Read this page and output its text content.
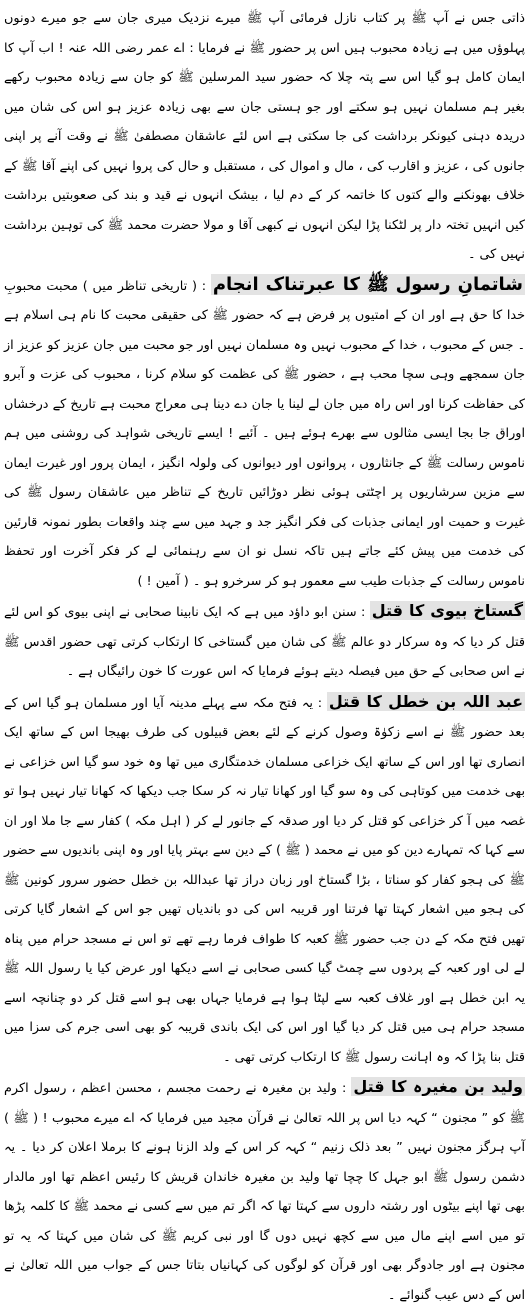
ذاتی جس نے آپ ﷺ پر کتاب نازل فرمائی آپ ﷺ میرے نزدیک میری جان سے جو میرے دونوں پہلوؤں میں ہے زیادہ محبوب ہیں اس پر حضور ﷺ نے فرمایا : اے عمر رضی اللہ عنہ ! اب آپ کا ایمان کامل ہو گیا اس سے پتہ چلا کہ حضور سید المرسلین ﷺ کو جان سے زیادہ محبوب رکھے بغیر ہم مسلمان نہیں ہو سکتے اور جو ہستی جان سے بھی زیادہ عزیز ہو اس کی شان میں دریدہ دہنی کیونکر برداشت کی جا سکتی ہے اس لئے عاشقان مصطفیٰ ﷺ نے وقت آنے پر اپنی جانوں کی ، عزیز و اقارب کی ، مال و اموال کی ، مستقبل و حال کی پروا نہیں کی اپنے آقا ﷺ کے خلاف بھونکنے والے کتوں کا خاتمہ کر کے دم لیا ، بیشک انہوں نے قید و بند کی صعوبتیں برداشت کیں انہیں تختہ دار پر لٹکنا پڑا لیکن انہوں نے کبھی آقا و مولا حضرت محمد ﷺ کی توہین برداشت نہیں کی ۔

شاتمانِ رسول ﷺ کا عبرتناک انجام : ( تاریخی تناظر میں ) محبت محبوبِ خدا کا حق ہے اور ان کے امتیوں پر فرض ہے کہ حضور ﷺ کی حقیقی محبت کا نام ہی اسلام ہے ۔ جس کے محبوب ، خدا کے محبوب نہیں وہ مسلمان نہیں اور جو محبت میں جان عزیز کو عزیز از جان سمجھے وہی سچا محب ہے ، حضور ﷺ کی عظمت کو سلام کرنا ، محبوب کی عزت و آبرو کی حفاظت کرنا اور اس راہ میں جان لے لینا یا جان دے دینا ہی معراج محبت ہے تاریخ کے درخشاں اوراق جا بجا ایسی مثالوں سے بھرے ہوئے ہیں ۔ آئیے ! ایسے تاریخی شواہد کی روشنی میں ہم ناموس رسالت ﷺ کے جانثاروں ، پروانوں اور دیوانوں کی ولولہ انگیز ، ایمان پرور اور غیرت ایمان سے مزین سرشاریوں پر اچٹتی ہوئی نظر دوڑائیں تاریخ کے تناظر میں عاشقان رسول ﷺ کی غیرت و حمیت اور ایمانی جذبات کی فکر انگیز جد و جہد میں سے چند واقعات بطور نمونہ قارئین کی خدمت میں پیش کئے جاتے ہیں تاکہ نسل نو ان سے رہنمائی لے کر فکر آخرت اور تحفظ ناموس رسالت کے جذبات طیب سے معمور ہو کر سرخرو ہو ۔ ( آمین ! )

گستاخ بیوی کا قتل : سنن ابو داؤد میں ہے کہ ایک نابینا صحابی نے اپنی بیوی کو اس لئے قتل کر دیا کہ وہ سرکار دو عالم ﷺ کی شان میں گستاخی کا ارتکاب کرتی تھی حضور اقدس ﷺ نے اس صحابی کے حق میں فیصلہ دیتے ہوئے فرمایا کہ اس عورت کا خون رائیگاں ہے ۔

عبد اللہ بن خطل کا قتل : یہ فتح مکہ سے پہلے مدینہ آیا اور مسلمان ہو گیا اس کے بعد حضور ﷺ نے اسے زکوٰۃ وصول کرنے کے لئے بعض قبیلوں کی طرف بھیجا اس کے ساتھ ایک انصاری تھا اور اس کے ساتھ ایک خزاعی مسلمان خدمتگاری میں تھا وہ خود سو گیا اس خزاعی نے بھی خدمت میں کوتاہی کی وہ سو گیا اور کھانا تیار نہ کر سکا جب دیکھا کہ کھانا تیار نہیں ہوا تو غصہ میں آ کر خزاعی کو قتل کر دیا اور صدقہ کے جانور لے کر ( اہل مکہ ) کفار سے جا ملا اور ان سے کہا کہ تمہارے دین کو میں نے محمد ( ﷺ ) کے دین سے بہتر پایا اور وہ اپنی باندیوں سے حضور ﷺ کی ہجو کفار کو سناتا ، بڑا گستاخ اور زبان دراز تھا عبداللہ بن خطل حضور سرور کونین ﷺ کی ہجو میں اشعار کہتا تھا فرتنا اور قریبہ اس کی دو باندیاں تھیں جو اس کے اشعار گایا کرتی تھیں فتح مکہ کے دن جب حضور ﷺ کعبہ کا طواف فرما رہے تھے تو اس نے مسجد حرام میں پناہ لے لی اور کعبہ کے پردوں سے چمٹ گیا کسی صحابی نے اسے دیکھا اور عرض کیا یا رسول اللہ ﷺ یہ ابن خطل ہے اور غلاف کعبہ سے لپٹا ہوا ہے فرمایا جہاں بھی ہو اسے قتل کر دو چنانچہ اسے مسجد حرام ہی میں قتل کر دیا گیا اور اس کی ایک باندی قریبہ کو بھی اسی جرم کی سزا میں قتل بنا پڑا کہ وہ اہانت رسول ﷺ کا ارتکاب کرتی تھی ۔

ولید بن مغیرہ کا قتل : ولید بن مغیرہ نے رحمت مجسم ، محسن اعظم ، رسول اکرم ﷺ کو ” مجنون “ کہہ دیا اس پر اللہ تعالیٰ نے قرآن مجید میں فرمایا کہ اے میرے محبوب ! ( ﷺ ) آپ ہرگز مجنون نہیں ” بعد ذلک زنیم “ کہہ کر اس کے ولد الزنا ہونے کا برملا اعلان کر دیا ۔ یہ دشمن رسول ﷺ ابو جہل کا چچا تھا ولید بن مغیرہ خاندان قریش کا رئیس اعظم تھا اور مالدار بھی تھا اپنے بیٹوں اور رشتہ داروں سے کہتا تھا کہ اگر تم میں سے کسی نے محمد ﷺ کا کلمہ پڑھا تو میں اسے اپنے مال میں سے کچھ نہیں دوں گا اور نبی کریم ﷺ کی شان میں کہتا کہ یہ تو مجنون ہے اور جادوگر بھی اور قرآن کو لوگوں کی کہانیاں بتاتا جس کے جواب میں اللہ تعالیٰ نے اس کے دس عیب گنوائے ۔
